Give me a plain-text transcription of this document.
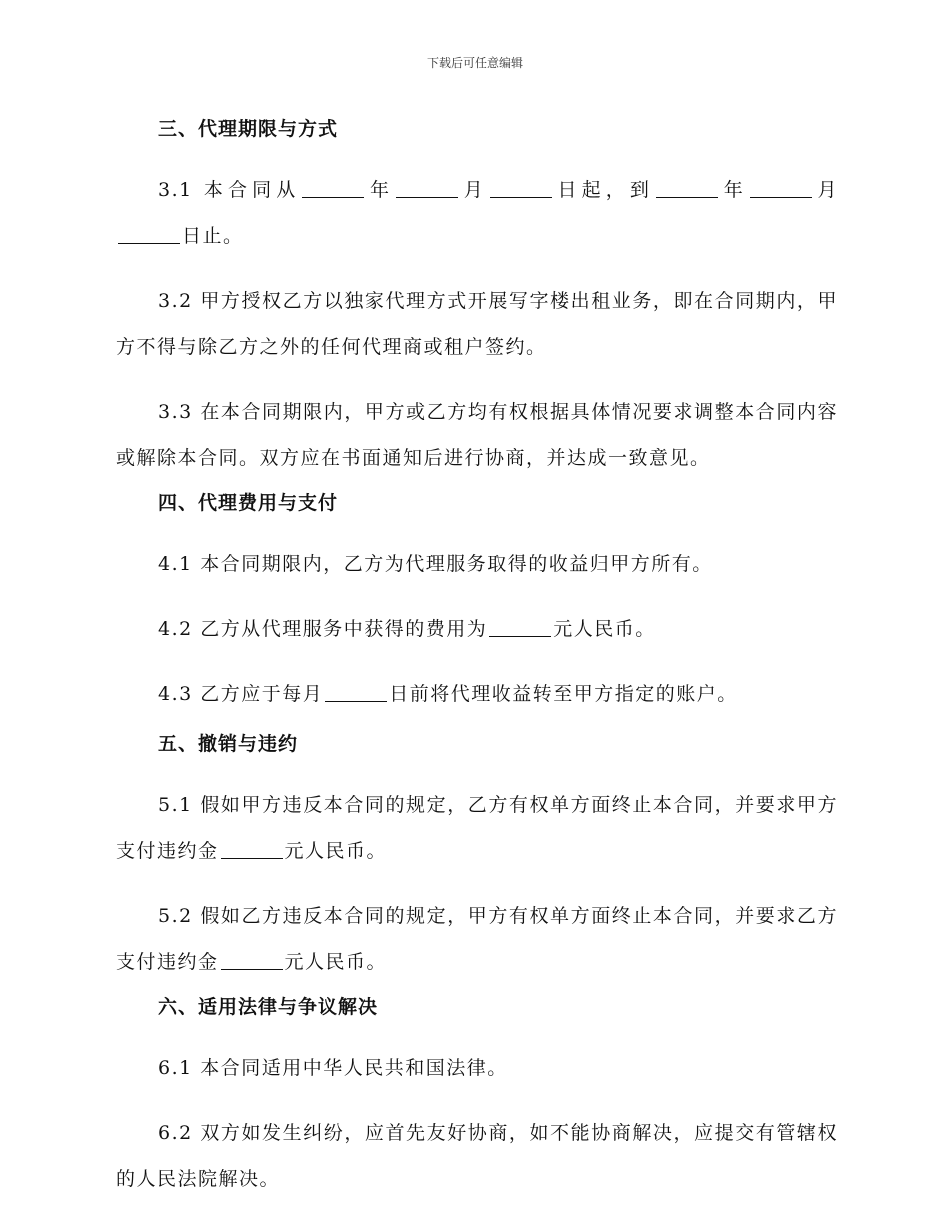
下载后可任意编辑
三、代理期限与方式

3.1 本合同从	年	月	日起，到	年	月日止。

3.2 甲方授权乙方以独家代理方式开展写字楼出租业务，即在合同期内，甲方不得与除乙方之外的任何代理商或租户签约。

3.3 在本合同期限内，甲方或乙方均有权根据具体情况要求调整本合同内容或解除本合同。双方应在书面通知后进行协商，并达成一致意见。

四、代理费用与支付

4.1 本合同期限内，乙方为代理服务取得的收益归甲方所有。

4.2 乙方从代理服务中获得的费用为	元人民币。

4.3 乙方应于每月	日前将代理收益转至甲方指定的账户。

五、撤销与违约

5.1 假如甲方违反本合同的规定，乙方有权单方面终止本合同，并要求甲方支付违约金	元人民币。

5.2 假如乙方违反本合同的规定，甲方有权单方面终止本合同，并要求乙方支付违约金	元人民币。

六、适用法律与争议解决

6.1 本合同适用中华人民共和国法律。

6.2 双方如发生纠纷，应首先友好协商，如不能协商解决，应提交有管辖权的人民法院解决。
